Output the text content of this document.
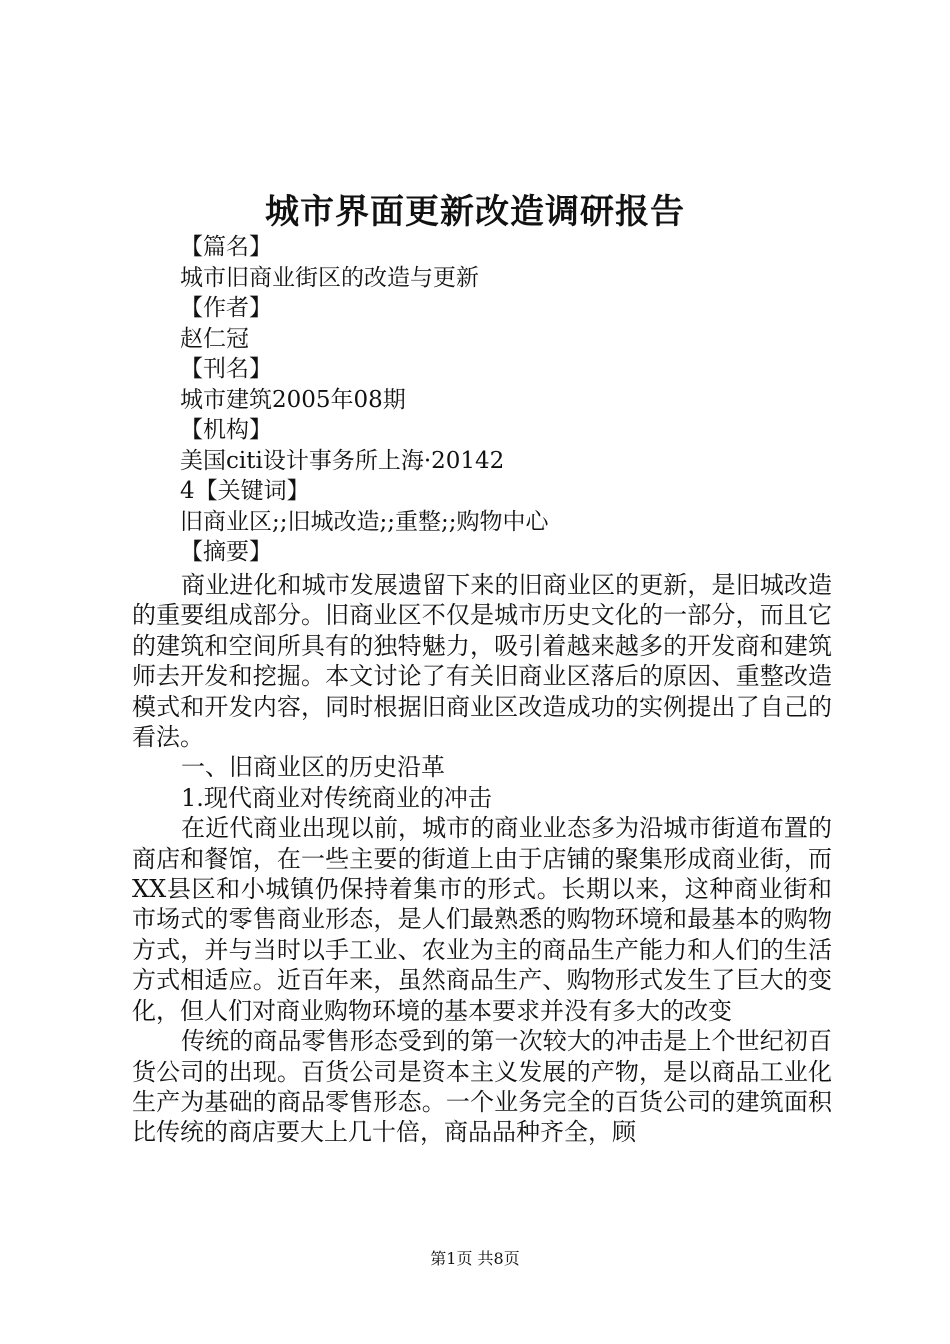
城市界面更新改造调研报告

【篇名】

城市旧商业街区的改造与更新

【作者】

赵仁冠

【刊名】

城市建筑2005年08期

【机构】

美国citi设计事务所上海·20142

4【关键词】

旧商业区;;旧城改造;;重整;;购物中心

【摘要】

商业进化和城市发展遗留下来的旧商业区的更新，是旧城改造的重要组成部分。旧商业区不仅是城市历史文化的一部分，而且它的建筑和空间所具有的独特魅力，吸引着越来越多的开发商和建筑师去开发和挖掘。本文讨论了有关旧商业区落后的原因、重整改造模式和开发内容，同时根据旧商业区改造成功的实例提出了自己的看法。

一、旧商业区的历史沿革

1.现代商业对传统商业的冲击

在近代商业出现以前，城市的商业业态多为沿城市街道布置的商店和餐馆，在一些主要的街道上由于店铺的聚集形成商业街，而XX县区和小城镇仍保持着集市的形式。长期以来，这种商业街和市场式的零售商业形态，是人们最熟悉的购物环境和最基本的购物方式，并与当时以手工业、农业为主的商品生产能力和人们的生活方式相适应。近百年来，虽然商品生产、购物形式发生了巨大的变化，但人们对商业购物环境的基本要求并没有多大的改变

传统的商品零售形态受到的第一次较大的冲击是上个世纪初百货公司的出现。百货公司是资本主义发展的产物，是以商品工业化生产为基础的商品零售形态。一个业务完全的百货公司的建筑面积比传统的商店要大上几十倍，商品品种齐全，顾

第1页 共8页
